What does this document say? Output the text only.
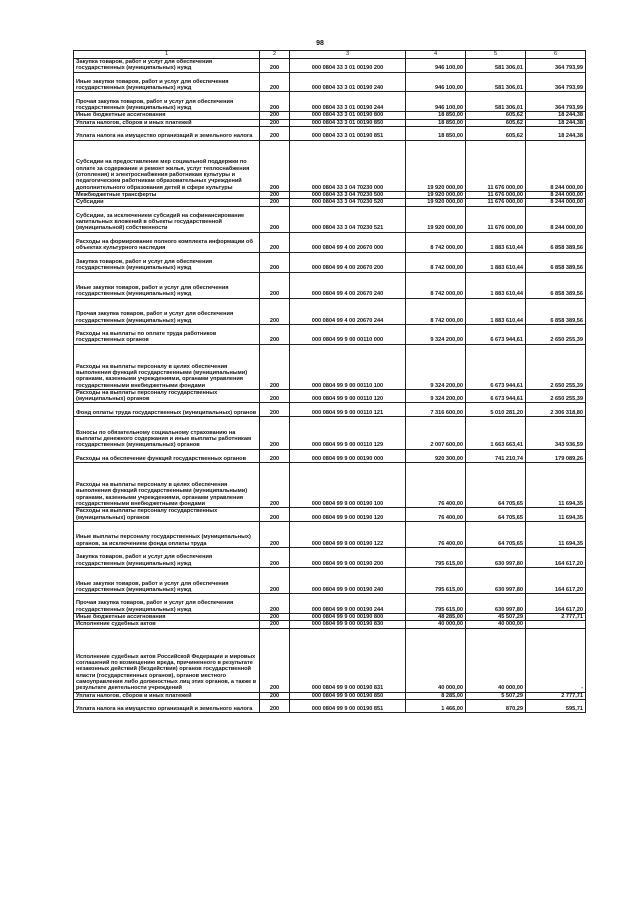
98
1	2	3	4	5	6
Закупка товаров, работ и услуг для обеспечения государственных (муниципальных) нужд	200	000 0804 33 3 01 00190 200	946 100,00	581 306,01	364 793,99
Иные закупки товаров, работ и услуг для обеспечения государственных (муниципальных) нужд	200	000 0804 33 3 01 00190 240	946 100,00	581 306,01	364 793,99
Прочая закупка товаров, работ и услуг для обеспечения государственных (муниципальных) нужд	200	000 0804 33 3 01 00190 244	946 100,00	581 306,01	364 793,99
Иные бюджетные ассигнования	200	000 0804 33 3 01 00190 800	18 850,00	605,62	18 244,38
Уплата налогов, сборов и иных платежей	200	000 0804 33 3 01 00190 850	18 850,00	605,62	18 244,38
Уплата налога на имущество организаций и земельного налога	200	000 0804 33 3 01 00190 851	18 850,00	605,62	18 244,38
Субсидии на предоставление мер социальной поддержки по оплате за содержание и ремонт жилья, услуг теплоснабжения (отопления) и электроснабжения работникам культуры и педагогическим работникам образовательных учреждений дополнительного образования детей в сфере культуры	200	000 0804 33 3 04 70230 000	19 920 000,00	11 676 000,00	8 244 000,00
Межбюджетные трансферты	200	000 0804 33 3 04 70230 500	19 920 000,00	11 676 000,00	8 244 000,00
Субсидии	200	000 0804 33 3 04 70230 520	19 920 000,00	11 676 000,00	8 244 000,00
Субсидии, за исключением субсидий на софинансирование капитальных вложений в объекты государственной (муниципальной) собственности	200	000 0804 33 3 04 70230 521	19 920 000,00	11 676 000,00	8 244 000,00
Расходы на формирование полного комплекта информации об объектах культурного наследия	200	000 0804 99 4 00 20670 000	8 742 000,00	1 883 610,44	6 858 389,56
Закупка товаров, работ и услуг для обеспечения государственных (муниципальных) нужд	200	000 0804 99 4 00 20670 200	8 742 000,00	1 883 610,44	6 858 389,56
Иные закупки товаров, работ и услуг для обеспечения государственных (муниципальных) нужд	200	000 0804 99 4 00 20670 240	8 742 000,00	1 883 610,44	6 858 389,56
Прочая закупка товаров, работ и услуг для обеспечения государственных (муниципальных) нужд	200	000 0804 99 4 00 20670 244	8 742 000,00	1 883 610,44	6 858 389,56
Расходы на выплаты по оплате труда работников государственных органов	200	000 0804 99 9 00 00110 000	9 324 200,00	6 673 944,61	2 650 255,39
Расходы на выплаты персоналу в целях обеспечения выполнения функций государственными (муниципальными) органами, казенными учреждениями, органами управления государственными внебюджетными фондами	200	000 0804 99 9 00 00110 100	9 324 200,00	6 673 944,61	2 650 255,39
Расходы на выплаты персоналу государственных (муниципальных) органов	200	000 0804 99 9 00 00110 120	9 324 200,00	6 673 944,61	2 650 255,39
Фонд оплаты труда государственных (муниципальных) органов	200	000 0804 99 9 00 00110 121	7 316 600,00	5 010 281,20	2 306 318,80
Взносы по обязательному социальному страхованию на выплаты денежного содержания и иные выплаты работникам государственных (муниципальных) органов	200	000 0804 99 9 00 00110 129	2 007 600,00	1 663 663,41	343 936,59
Расходы на обеспечение функций государственных органов	200	000 0804 99 9 00 00190 000	920 300,00	741 210,74	179 089,26
Расходы на выплаты персоналу в целях обеспечения выполнения функций государственными (муниципальными) органами, казенными учреждениями, органами управления государственными внебюджетными фондами	200	000 0804 99 9 00 00190 100	76 400,00	64 705,65	11 694,35
Расходы на выплаты персоналу государственных (муниципальных) органов	200	000 0804 99 9 00 00190 120	76 400,00	64 705,65	11 694,35
Иные выплаты персоналу государственных (муниципальных) органов, за исключением фонда оплаты труда	200	000 0804 99 9 00 00190 122	76 400,00	64 705,65	11 694,35
Закупка товаров, работ и услуг для обеспечения государственных (муниципальных) нужд	200	000 0804 99 9 00 00190 200	795 615,00	630 997,80	164 617,20
Иные закупки товаров, работ и услуг для обеспечения государственных (муниципальных) нужд	200	000 0804 99 9 00 00190 240	795 615,00	630 997,80	164 617,20
Прочая закупка товаров, работ и услуг для обеспечения государственных (муниципальных) нужд	200	000 0804 99 9 00 00190 244	795 615,00	630 997,80	164 617,20
Иные бюджетные ассигнования	200	000 0804 99 9 00 00190 800	48 285,00	45 507,29	2 777,71
Исполнение судебных актов	200	000 0804 99 9 00 00190 830	40 000,00	40 000,00	
Исполнение судебных актов Российской Федерации и мировых соглашений по возмещению вреда, причиненного в результате незаконных действий (бездействия) органов государственной власти (государственных органов), органов местного самоуправления либо должностных лиц этих органов, а также в результате деятельности учреждений	200	000 0804 99 9 00 00190 831	40 000,00	40 000,00	-
Уплата налогов, сборов и иных платежей	200	000 0804 99 9 00 00190 850	8 285,00	5 507,29	2 777,71
Уплата налога на имущество организаций и земельного налога	200	000 0804 99 9 00 00190 851	1 466,00	870,29	595,71
